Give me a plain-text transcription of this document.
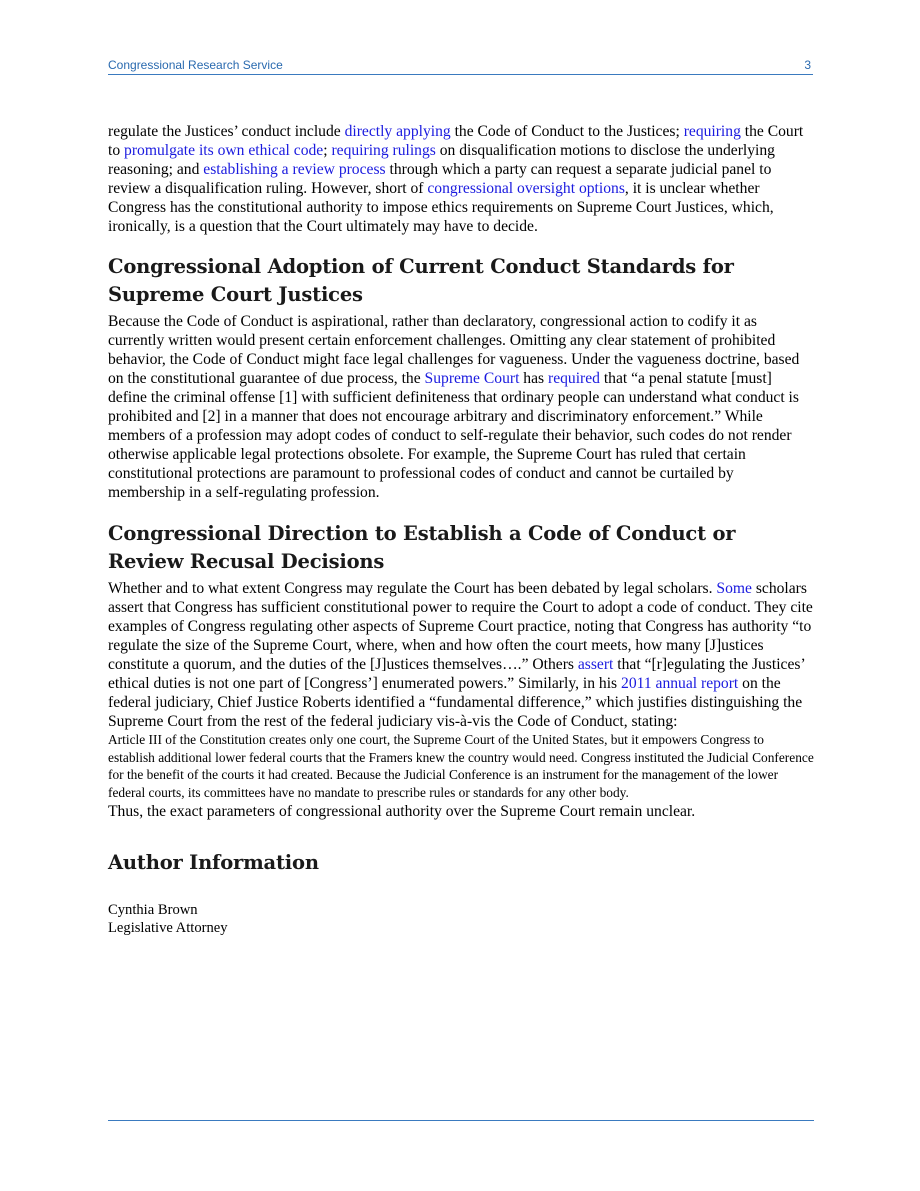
Congressional Research Service	3

regulate the Justices’ conduct include directly applying the Code of Conduct to the Justices; requiring the Court to promulgate its own ethical code; requiring rulings on disqualification motions to disclose the underlying reasoning; and establishing a review process through which a party can request a separate judicial panel to review a disqualification ruling. However, short of congressional oversight options, it is unclear whether Congress has the constitutional authority to impose ethics requirements on Supreme Court Justices, which, ironically, is a question that the Court ultimately may have to decide.

Congressional Adoption of Current Conduct Standards for Supreme Court Justices

Because the Code of Conduct is aspirational, rather than declaratory, congressional action to codify it as currently written would present certain enforcement challenges. Omitting any clear statement of prohibited behavior, the Code of Conduct might face legal challenges for vagueness. Under the vagueness doctrine, based on the constitutional guarantee of due process, the Supreme Court has required that “a penal statute [must] define the criminal offense [1] with sufficient definiteness that ordinary people can understand what conduct is prohibited and [2] in a manner that does not encourage arbitrary and discriminatory enforcement.” While members of a profession may adopt codes of conduct to self-regulate their behavior, such codes do not render otherwise applicable legal protections obsolete. For example, the Supreme Court has ruled that certain constitutional protections are paramount to professional codes of conduct and cannot be curtailed by membership in a self-regulating profession.

Congressional Direction to Establish a Code of Conduct or Review Recusal Decisions

Whether and to what extent Congress may regulate the Court has been debated by legal scholars. Some scholars assert that Congress has sufficient constitutional power to require the Court to adopt a code of conduct. They cite examples of Congress regulating other aspects of Supreme Court practice, noting that Congress has authority “to regulate the size of the Supreme Court, where, when and how often the court meets, how many [J]ustices constitute a quorum, and the duties of the [J]ustices themselves….” Others assert that “[r]egulating the Justices’ ethical duties is not one part of [Congress’] enumerated powers.” Similarly, in his 2011 annual report on the federal judiciary, Chief Justice Roberts identified a “fundamental difference,” which justifies distinguishing the Supreme Court from the rest of the federal judiciary vis-à-vis the Code of Conduct, stating:

Article III of the Constitution creates only one court, the Supreme Court of the United States, but it empowers Congress to establish additional lower federal courts that the Framers knew the country would need. Congress instituted the Judicial Conference for the benefit of the courts it had created. Because the Judicial Conference is an instrument for the management of the lower federal courts, its committees have no mandate to prescribe rules or standards for any other body.

Thus, the exact parameters of congressional authority over the Supreme Court remain unclear.

Author Information
Cynthia Brown
Legislative Attorney
